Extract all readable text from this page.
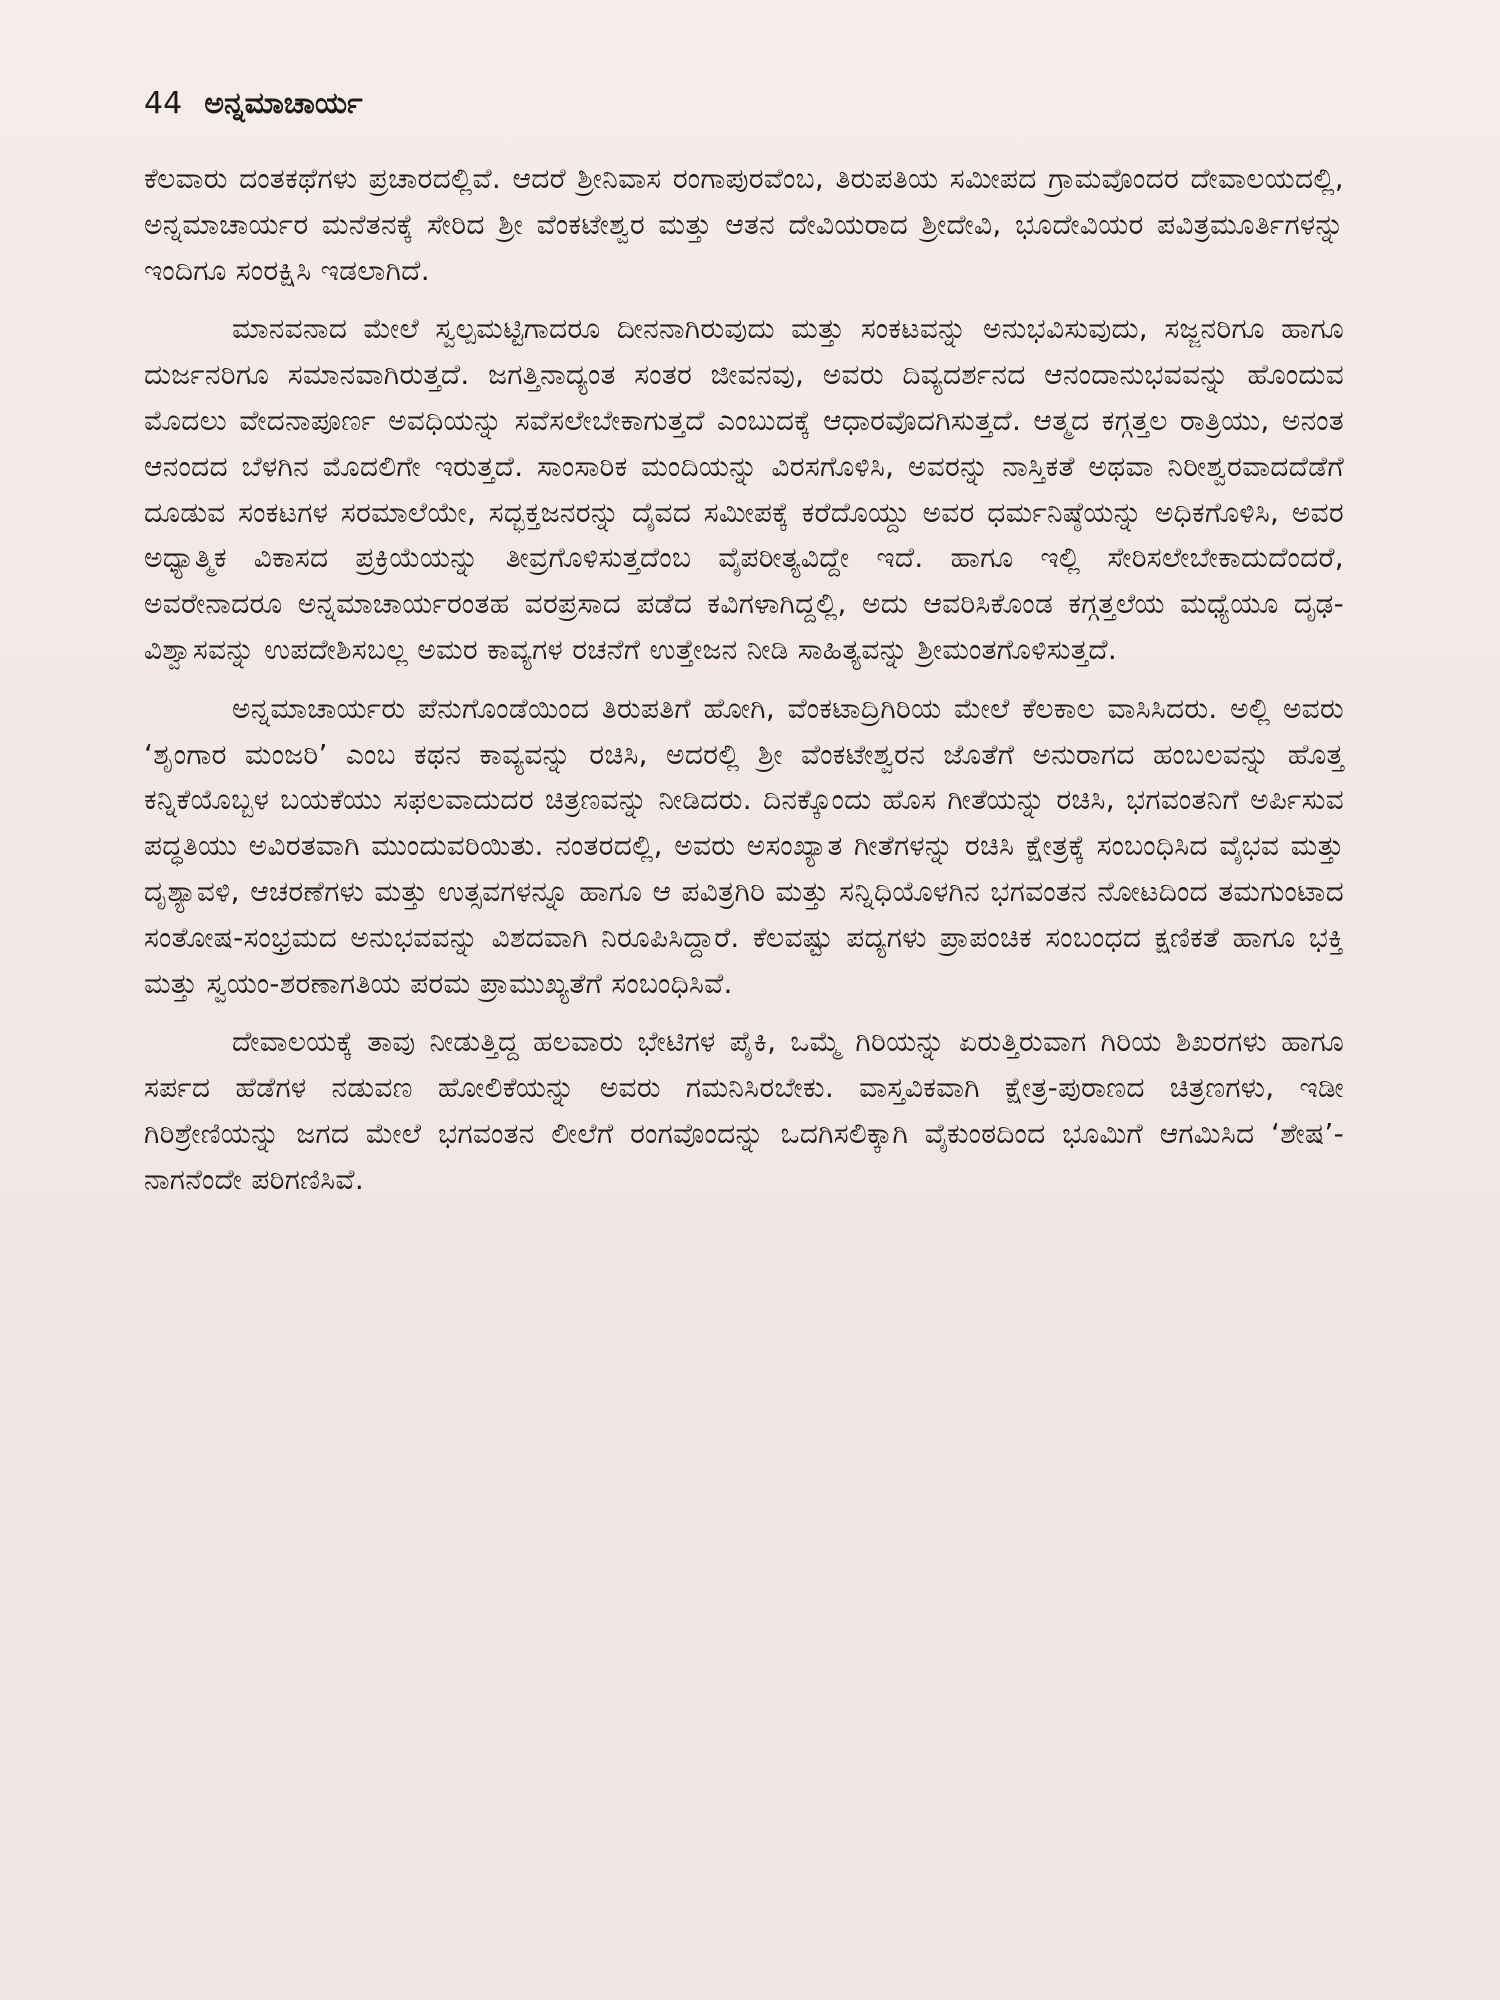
44 ಅನ್ನಮಾಚಾರ್ಯ

ಕೆಲವಾರು ದಂತಕಥೆಗಳು ಪ್ರಚಾರದಲ್ಲಿವೆ. ಆದರೆ ಶ್ರೀನಿವಾಸ ರಂಗಾಪುರವೆಂಬ, ತಿರುಪತಿಯ ಸಮೀಪದ ಗ್ರಾಮವೊಂದರ ದೇವಾಲಯದಲ್ಲಿ, ಅನ್ನಮಾಚಾರ್ಯರ ಮನೆತನಕ್ಕೆ ಸೇರಿದ ಶ್ರೀ ವೆಂಕಟೇಶ್ವರ ಮತ್ತು ಆತನ ದೇವಿಯರಾದ ಶ್ರೀದೇವಿ, ಭೂದೇವಿಯರ ಪವಿತ್ರಮೂರ್ತಿಗಳನ್ನು ಇಂದಿಗೂ ಸಂರಕ್ಷಿಸಿ ಇಡಲಾಗಿದೆ.

ಮಾನವನಾದ ಮೇಲೆ ಸ್ವಲ್ಪಮಟ್ಟಿಗಾದರೂ ದೀನನಾಗಿರುವುದು ಮತ್ತು ಸಂಕಟವನ್ನು ಅನುಭವಿಸುವುದು, ಸಜ್ಜನರಿಗೂ ಹಾಗೂ ದುರ್ಜನರಿಗೂ ಸಮಾನವಾಗಿರುತ್ತದೆ. ಜಗತ್ತಿನಾದ್ಯಂತ ಸಂತರ ಜೀವನವು, ಅವರು ದಿವ್ಯದರ್ಶನದ ಆನಂದಾನುಭವವನ್ನು ಹೊಂದುವ ಮೊದಲು ವೇದನಾಪೂರ್ಣ ಅವಧಿಯನ್ನು ಸವೆಸಲೇಬೇಕಾಗುತ್ತದೆ ಎಂಬುದಕ್ಕೆ ಆಧಾರವೊದಗಿಸುತ್ತದೆ. ಆತ್ಮದ ಕಗ್ಗತ್ತಲ ರಾತ್ರಿಯು, ಅನಂತ ಆನಂದದ ಬೆಳಗಿನ ಮೊದಲಿಗೇ ಇರುತ್ತದೆ. ಸಾಂಸಾರಿಕ ಮಂದಿಯನ್ನು ವಿರಸಗೊಳಿಸಿ, ಅವರನ್ನು ನಾಸ್ತಿಕತೆ ಅಥವಾ ನಿರೀಶ್ವರವಾದದೆಡೆಗೆ ದೂಡುವ ಸಂಕಟಗಳ ಸರಮಾಲೆಯೇ, ಸದ್ಭಕ್ತಜನರನ್ನು ದೈವದ ಸಮೀಪಕ್ಕೆ ಕರೆದೊಯ್ದು ಅವರ ಧರ್ಮನಿಷ್ಠೆಯನ್ನು ಅಧಿಕಗೊಳಿಸಿ, ಅವರ ಅಧ್ಯಾತ್ಮಿಕ ವಿಕಾಸದ ಪ್ರಕ್ರಿಯೆಯನ್ನು ತೀವ್ರಗೊಳಿಸುತ್ತದೆಂಬ ವೈಪರೀತ್ಯವಿದ್ದೇ ಇದೆ. ಹಾಗೂ ಇಲ್ಲಿ ಸೇರಿಸಲೇಬೇಕಾದುದೆಂದರೆ, ಅವರೇನಾದರೂ ಅನ್ನಮಾಚಾರ್ಯರಂತಹ ವರಪ್ರಸಾದ ಪಡೆದ ಕವಿಗಳಾಗಿದ್ದಲ್ಲಿ, ಅದು ಆವರಿಸಿಕೊಂಡ ಕಗ್ಗತ್ತಲೆಯ ಮಧ್ಯೆಯೂ ದೃಢ-ವಿಶ್ವಾಸವನ್ನು ಉಪದೇಶಿಸಬಲ್ಲ ಅಮರ ಕಾವ್ಯಗಳ ರಚನೆಗೆ ಉತ್ತೇಜನ ನೀಡಿ ಸಾಹಿತ್ಯವನ್ನು ಶ್ರೀಮಂತಗೊಳಿಸುತ್ತದೆ.

ಅನ್ನಮಾಚಾರ್ಯರು ಪೆನುಗೊಂಡೆಯಿಂದ ತಿರುಪತಿಗೆ ಹೋಗಿ, ವೆಂಕಟಾದ್ರಿಗಿರಿಯ ಮೇಲೆ ಕೆಲಕಾಲ ವಾಸಿಸಿದರು. ಅಲ್ಲಿ ಅವರು ‘ಶೃಂಗಾರ ಮಂಜರಿ’ ಎಂಬ ಕಥನ ಕಾವ್ಯವನ್ನು ರಚಿಸಿ, ಅದರಲ್ಲಿ ಶ್ರೀ ವೆಂಕಟೇಶ್ವರನ ಜೊತೆಗೆ ಅನುರಾಗದ ಹಂಬಲವನ್ನು ಹೊತ್ತ ಕನ್ನಿಕೆಯೊಬ್ಬಳ ಬಯಕೆಯು ಸಫಲವಾದುದರ ಚಿತ್ರಣವನ್ನು ನೀಡಿದರು. ದಿನಕ್ಕೊಂದು ಹೊಸ ಗೀತೆಯನ್ನು ರಚಿಸಿ, ಭಗವಂತನಿಗೆ ಅರ್ಪಿಸುವ ಪದ್ಧತಿಯು ಅವಿರತವಾಗಿ ಮುಂದುವರಿಯಿತು. ನಂತರದಲ್ಲಿ, ಅವರು ಅಸಂಖ್ಯಾತ ಗೀತೆಗಳನ್ನು ರಚಿಸಿ ಕ್ಷೇತ್ರಕ್ಕೆ ಸಂಬಂಧಿಸಿದ ವೈಭವ ಮತ್ತು ದೃಶ್ಯಾವಳಿ, ಆಚರಣೆಗಳು ಮತ್ತು ಉತ್ಸವಗಳನ್ನೂ ಹಾಗೂ ಆ ಪವಿತ್ರಗಿರಿ ಮತ್ತು ಸನ್ನಿಧಿಯೊಳಗಿನ ಭಗವಂತನ ನೋಟದಿಂದ ತಮಗುಂಟಾದ ಸಂತೋಷ-ಸಂಭ್ರಮದ ಅನುಭವವನ್ನು ವಿಶದವಾಗಿ ನಿರೂಪಿಸಿದ್ದಾರೆ. ಕೆಲವಷ್ಟು ಪದ್ಯಗಳು ಪ್ರಾಪಂಚಿಕ ಸಂಬಂಧದ ಕ್ಷಣಿಕತೆ ಹಾಗೂ ಭಕ್ತಿ ಮತ್ತು ಸ್ವಯಂ-ಶರಣಾಗತಿಯ ಪರಮ ಪ್ರಾಮುಖ್ಯತೆಗೆ ಸಂಬಂಧಿಸಿವೆ.

ದೇವಾಲಯಕ್ಕೆ ತಾವು ನೀಡುತ್ತಿದ್ದ ಹಲವಾರು ಭೇಟಿಗಳ ಪೈಕಿ, ಒಮ್ಮೆ ಗಿರಿಯನ್ನು ಏರುತ್ತಿರುವಾಗ ಗಿರಿಯ ಶಿಖರಗಳು ಹಾಗೂ ಸರ್ಪದ ಹೆಡೆಗಳ ನಡುವಣ ಹೋಲಿಕೆಯನ್ನು ಅವರು ಗಮನಿಸಿರಬೇಕು. ವಾಸ್ತವಿಕವಾಗಿ ಕ್ಷೇತ್ರ-ಪುರಾಣದ ಚಿತ್ರಣಗಳು, ಇಡೀ ಗಿರಿಶ್ರೇಣಿಯನ್ನು ಜಗದ ಮೇಲೆ ಭಗವಂತನ ಲೀಲೆಗೆ ರಂಗವೊಂದನ್ನು ಒದಗಿಸಲಿಕ್ಕಾಗಿ ವೈಕುಂಠದಿಂದ ಭೂಮಿಗೆ ಆಗಮಿಸಿದ ‘ಶೇಷ’-ನಾಗನೆಂದೇ ಪರಿಗಣಿಸಿವೆ.
